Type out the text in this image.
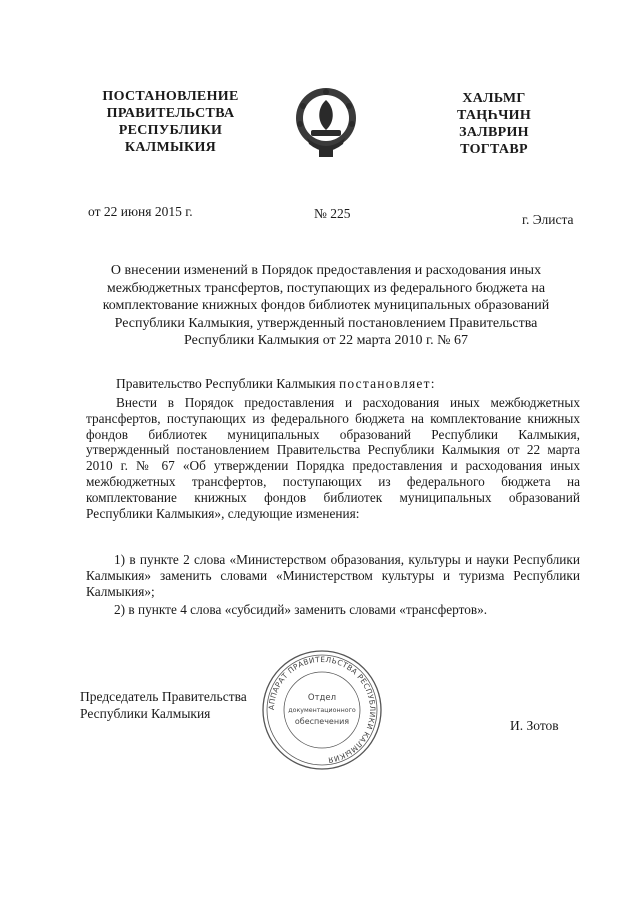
ПОСТАНОВЛЕНИЕ
ПРАВИТЕЛЬСТВА
РЕСПУБЛИКИ
КАЛМЫКИЯ
ХАЛЬМГ
ТАҢҺЧИН
ЗАЛВРИН
ТОГТАВР
от 22 июня 2015 г.	№ 225	г. Элиста
О внесении изменений в Порядок предоставления и расходования иных
межбюджетных трансфертов, поступающих из федерального бюджета на
комплектование книжных фондов библиотек муниципальных образований
Республики Калмыкия, утвержденный постановлением Правительства
Республики Калмыкия от 22 марта 2010 г. № 67
Правительство Республики Калмыкия постановляет:
Внести в Порядок предоставления и расходования иных межбюджетных трансфертов, поступающих из федерального бюджета на комплектование книжных фондов библиотек муниципальных образований Республики Калмыкия, утвержденный постановлением Правительства Республики Калмыкия от 22 марта 2010 г. № 67 «Об утверждении Порядка предоставления и расходования иных межбюджетных трансфертов, поступающих из федерального бюджета на комплектование книжных фондов библиотек муниципальных образований Республики Калмыкия», следующие изменения:
1) в пункте 2 слова «Министерством образования, культуры и науки Республики Калмыкия» заменить словами «Министерством культуры и туризма Республики Калмыкия»;
2) в пункте 4 слова «субсидий» заменить словами «трансфертов».
АППАРАТ ПРАВИТЕЛЬСТВА РЕСПУБЛИКИ КАЛМЫКИЯ
Отдел
документационного
обеспечения
Председатель Правительства
Республики Калмыкия
И. Зотов
